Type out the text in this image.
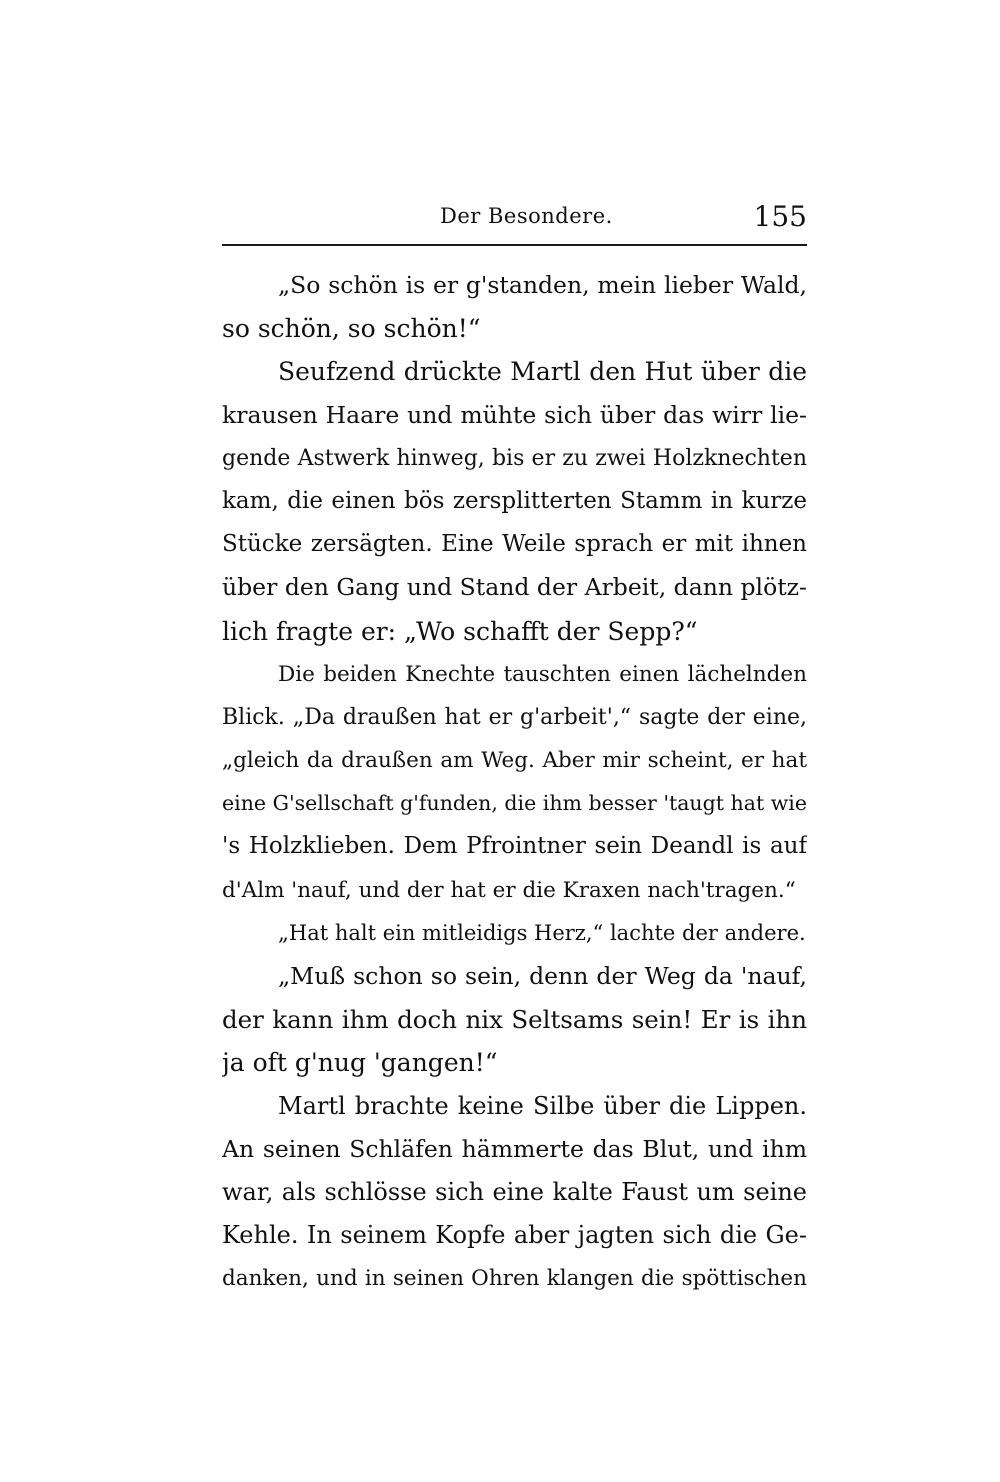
Der Besondere.	155
„So schön is er g'standen, mein lieber Wald,
so schön, so schön!“
Seufzend drückte Martl den Hut über die
krausen Haare und mühte sich über das wirr lie-
gende Astwerk hinweg, bis er zu zwei Holzknechten
kam, die einen bös zersplitterten Stamm in kurze
Stücke zersägten. Eine Weile sprach er mit ihnen
über den Gang und Stand der Arbeit, dann plötz-
lich fragte er: „Wo schafft der Sepp?“
Die beiden Knechte tauschten einen lächelnden
Blick. „Da draußen hat er g'arbeit',“ sagte der eine,
„gleich da draußen am Weg. Aber mir scheint, er hat
eine G'sellschaft g'funden, die ihm besser 'taugt hat wie
's Holzklieben. Dem Pfrointner sein Deandl is auf
d'Alm 'nauf, und der hat er die Kraxen nach'tragen.“
„Hat halt ein mitleidigs Herz,“ lachte der andere.
„Muß schon so sein, denn der Weg da 'nauf,
der kann ihm doch nix Seltsams sein! Er is ihn
ja oft g'nug 'gangen!“
Martl brachte keine Silbe über die Lippen.
An seinen Schläfen hämmerte das Blut, und ihm
war, als schlösse sich eine kalte Faust um seine
Kehle. In seinem Kopfe aber jagten sich die Ge-
danken, und in seinen Ohren klangen die spöttischen
